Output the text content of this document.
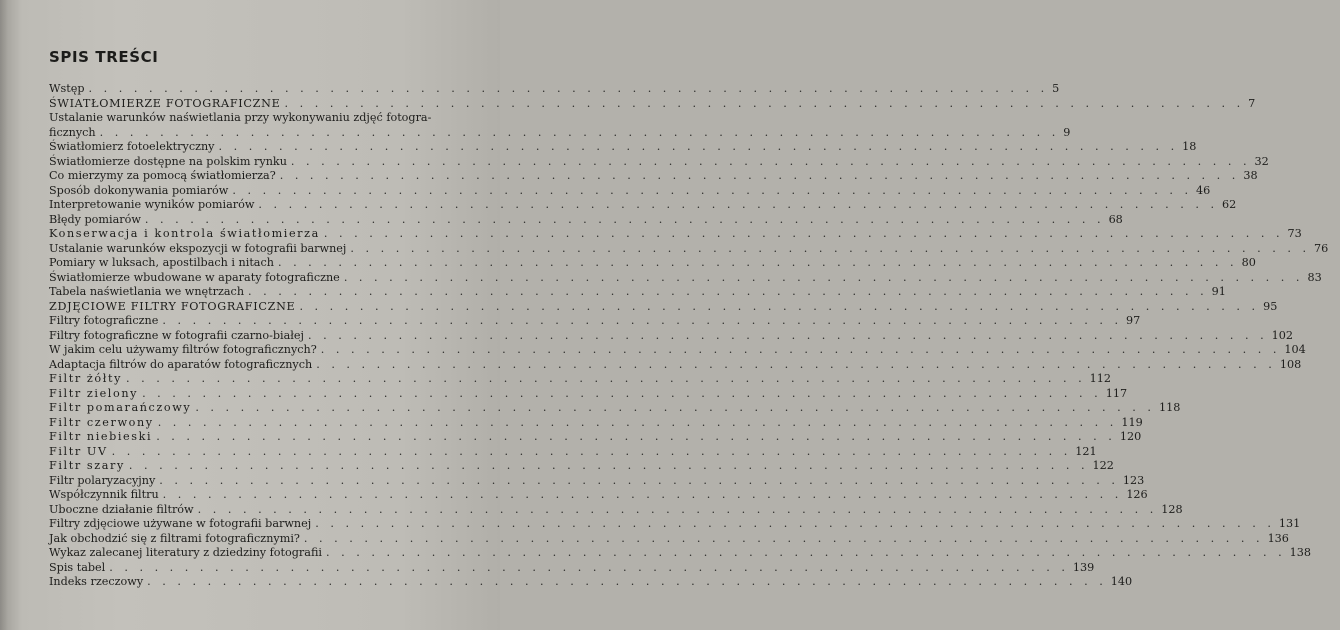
SPIS TREŚCI
Wstęp . . .	5
ŚWIATŁOMIERZE FOTOGRAFICZNE . . .	7
Ustalanie warunków naświetlania przy wykonywaniu zdjęć fotogra-
ficznych . . .	9
Światłomierz fotoelektryczny . . .	18
Światłomierze dostępne na polskim rynku . . .	32
Co mierzymy za pomocą światłomierza? . . .	38
Sposób dokonywania pomiarów . . .	46
Interpretowanie wyników pomiarów . . .	62
Błędy pomiarów . . .	68
Konserwacja i kontrola światłomierza . . .	73
Ustalanie warunków ekspozycji w fotografii barwnej . . .	76
Pomiary w luksach, apostilbach i nitach . . .	80
Światłomierze wbudowane w aparaty fotograficzne . . .	83
Tabela naświetlania we wnętrzach . . .	91
ZDJĘCIOWE FILTRY FOTOGRAFICZNE . . .	95
Filtry fotograficzne . . .	97
Filtry fotograficzne w fotografii czarno-białej . . .	102
W jakim celu używamy filtrów fotograficznych? . . .	104
Adaptacja filtrów do aparatów fotograficznych . . .	108
Filtr żółty . . .	112
Filtr zielony . . .	117
Filtr pomarańczowy . . .	118
Filtr czerwony . . .	119
Filtr niebieski . . .	120
Filtr UV . . .	121
Filtr szary . . .	122
Filtr polaryzacyjny . . .	123
Współczynnik filtru . . .	126
Uboczne działanie filtrów . . .	128
Filtry zdjęciowe używane w fotografii barwnej . . .	131
Jak obchodzić się z filtrami fotograficznymi? . . .	136
Wykaz zalecanej literatury z dziedziny fotografii . . .	138
Spis tabel . . .	139
Indeks rzeczowy . . .	140
